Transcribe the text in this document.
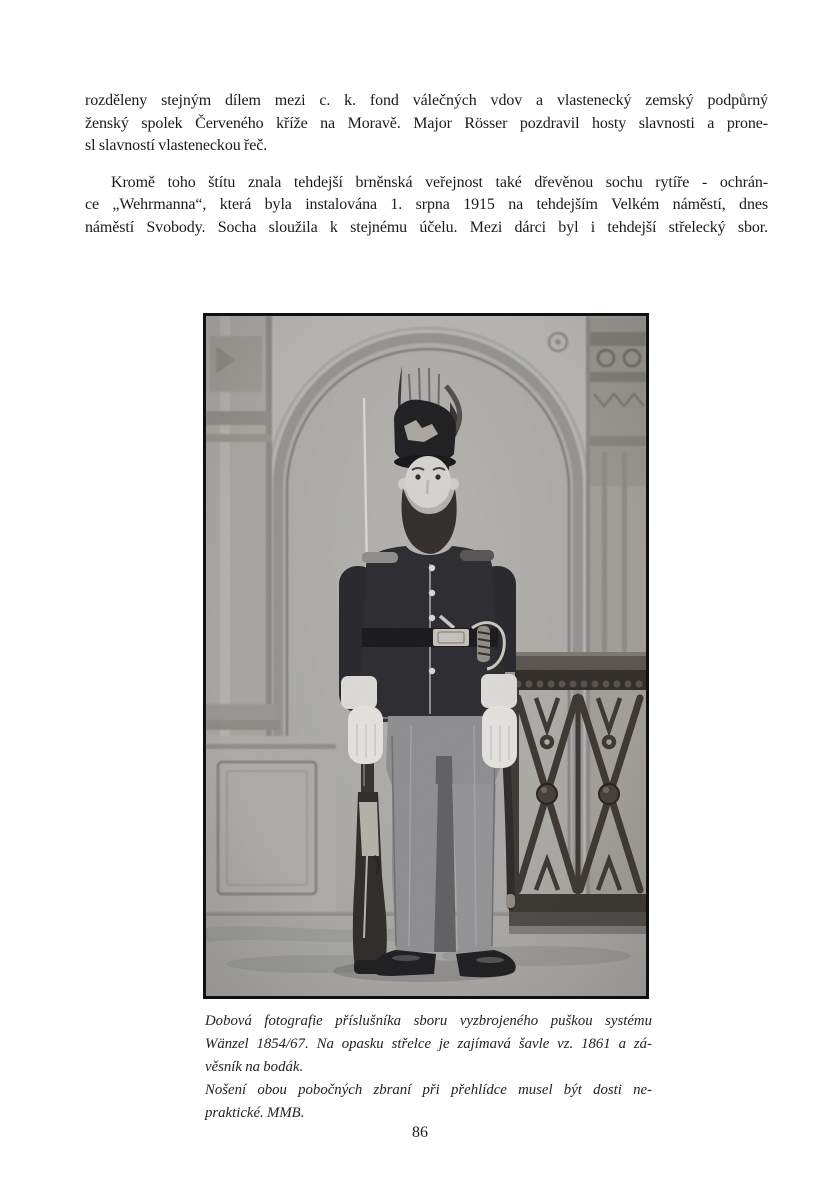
rozděleny stejným dílem mezi c. k. fond válečných vdov a vlastenecký zemský podpůrný
ženský spolek Červeného kříže na Moravě. Major Rösser pozdravil hosty slavnosti a prone-
sl slavností vlasteneckou řeč.

Kromě toho štítu znala tehdejší brněnská veřejnost také dřevěnou sochu rytíře - ochrán-
ce „Wehrmanna“, která byla instalována 1. srpna 1915 na tehdejším Velkém náměstí, dnes
náměstí Svobody. Socha sloužila k stejnému účelu. Mezi dárci byl i tehdejší střelecký sbor.

Dobová fotografie příslušníka sboru vyzbrojeného puškou systému
Wänzel 1854/67. Na opasku střelce je zajímavá šavle vz. 1861 a zá-
věsník na bodák.
Nošení obou pobočných zbraní při přehlídce musel být dosti ne-
praktické. MMB.
86
